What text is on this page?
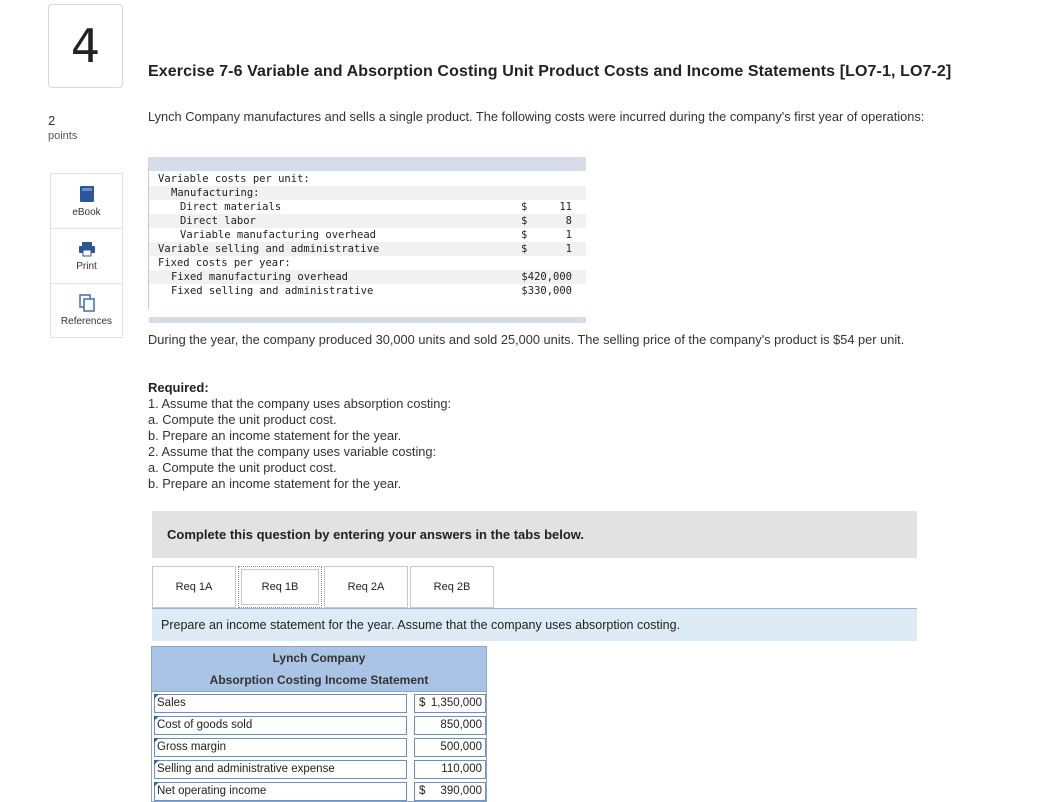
4
2
points
eBook
Print
References
Exercise 7-6 Variable and Absorption Costing Unit Product Costs and Income Statements [LO7-1, LO7-2]
Lynch Company manufactures and sells a single product. The following costs were incurred during the company's first year of operations:
Variable costs per unit:
Manufacturing:
Direct materials	$	11
Direct labor	$	8
Variable manufacturing overhead	$	1
Variable selling and administrative	$	1
Fixed costs per year:
Fixed manufacturing overhead	$420,000
Fixed selling and administrative	$330,000
During the year, the company produced 30,000 units and sold 25,000 units. The selling price of the company's product is $54 per unit.
Required:
1. Assume that the company uses absorption costing:
a. Compute the unit product cost.
b. Prepare an income statement for the year.
2. Assume that the company uses variable costing:
a. Compute the unit product cost.
b. Prepare an income statement for the year.
Complete this question by entering your answers in the tabs below.
Req 1A	Req 1B	Req 2A	Req 2B
Prepare an income statement for the year. Assume that the company uses absorption costing.
Lynch Company
Absorption Costing Income Statement
Sales	$ 1,350,000
Cost of goods sold	850,000
Gross margin	500,000
Selling and administrative expense	110,000
Net operating income	$ 390,000
